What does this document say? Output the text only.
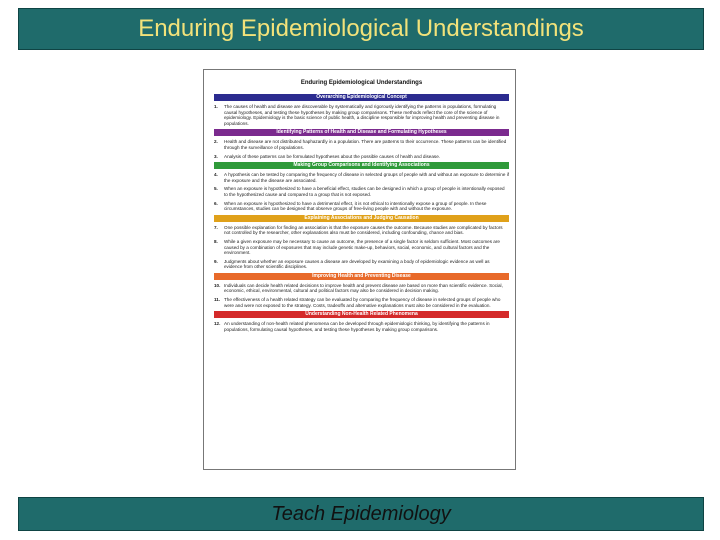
Enduring Epidemiological Understandings
Enduring Epidemiological Understandings
Overarching Epidemiological Concept
1.	The causes of health and disease are discoverable by systematically and rigorously identifying the patterns in populations, formulating causal hypotheses, and testing these hypotheses by making group comparisons. These methods reflect the core of the science of epidemiology. Epidemiology is the basic science of public health, a discipline responsible for improving health and preventing disease in populations.
Identifying Patterns of Health and Disease and Formulating Hypotheses
2.	Health and disease are not distributed haphazardly in a population. There are patterns to their occurrence. These patterns can be identified through the surveillance of populations.
3.	Analysis of these patterns can be formulated hypotheses about the possible causes of health and disease.
Making Group Comparisons and Identifying Associations
4.	A hypothesis can be tested by comparing the frequency of disease in selected groups of people with and without an exposure to determine if the exposure and the disease are associated.
5.	When an exposure is hypothesized to have a beneficial effect, studies can be designed in which a group of people is intentionally exposed to the hypothesized cause and compared to a group that is not exposed.
6.	When an exposure is hypothesized to have a detrimental effect, it is not ethical to intentionally expose a group of people. In these circumstances, studies can be designed that observe groups of free-living people with and without the exposure.
Explaining Associations and Judging Causation
7.	One possible explanation for finding an association is that the exposure causes the outcome. Because studies are complicated by factors not controlled by the researcher, other explanations also must be considered, including confounding, chance and bias.
8.	While a given exposure may be necessary to cause an outcome, the presence of a single factor is seldom sufficient. Most outcomes are caused by a combination of exposures that may include genetic make-up, behaviors, social, economic, and cultural factors and the environment.
9.	Judgments about whether an exposure causes a disease are developed by examining a body of epidemiologic evidence as well as evidence from other scientific disciplines.
Improving Health and Preventing Disease
10. Individuals can decide health related decisions to improve health and prevent disease are based on more than scientific evidence. Social, economic, ethical, environmental, cultural and political factors may also be considered in decision making.
11. The effectiveness of a health related strategy can be evaluated by comparing the frequency of disease in selected groups of people who were and were not exposed to the strategy. Costs, tradeoffs and alternative explanations must also be considered in the evaluation.
Understanding Non-Health Related Phenomena
12. An understanding of non-health related phenomena can be developed through epidemiologic thinking, by identifying the patterns in populations, formulating causal hypotheses, and testing these hypotheses by making group comparisons.
Teach Epidemiology
